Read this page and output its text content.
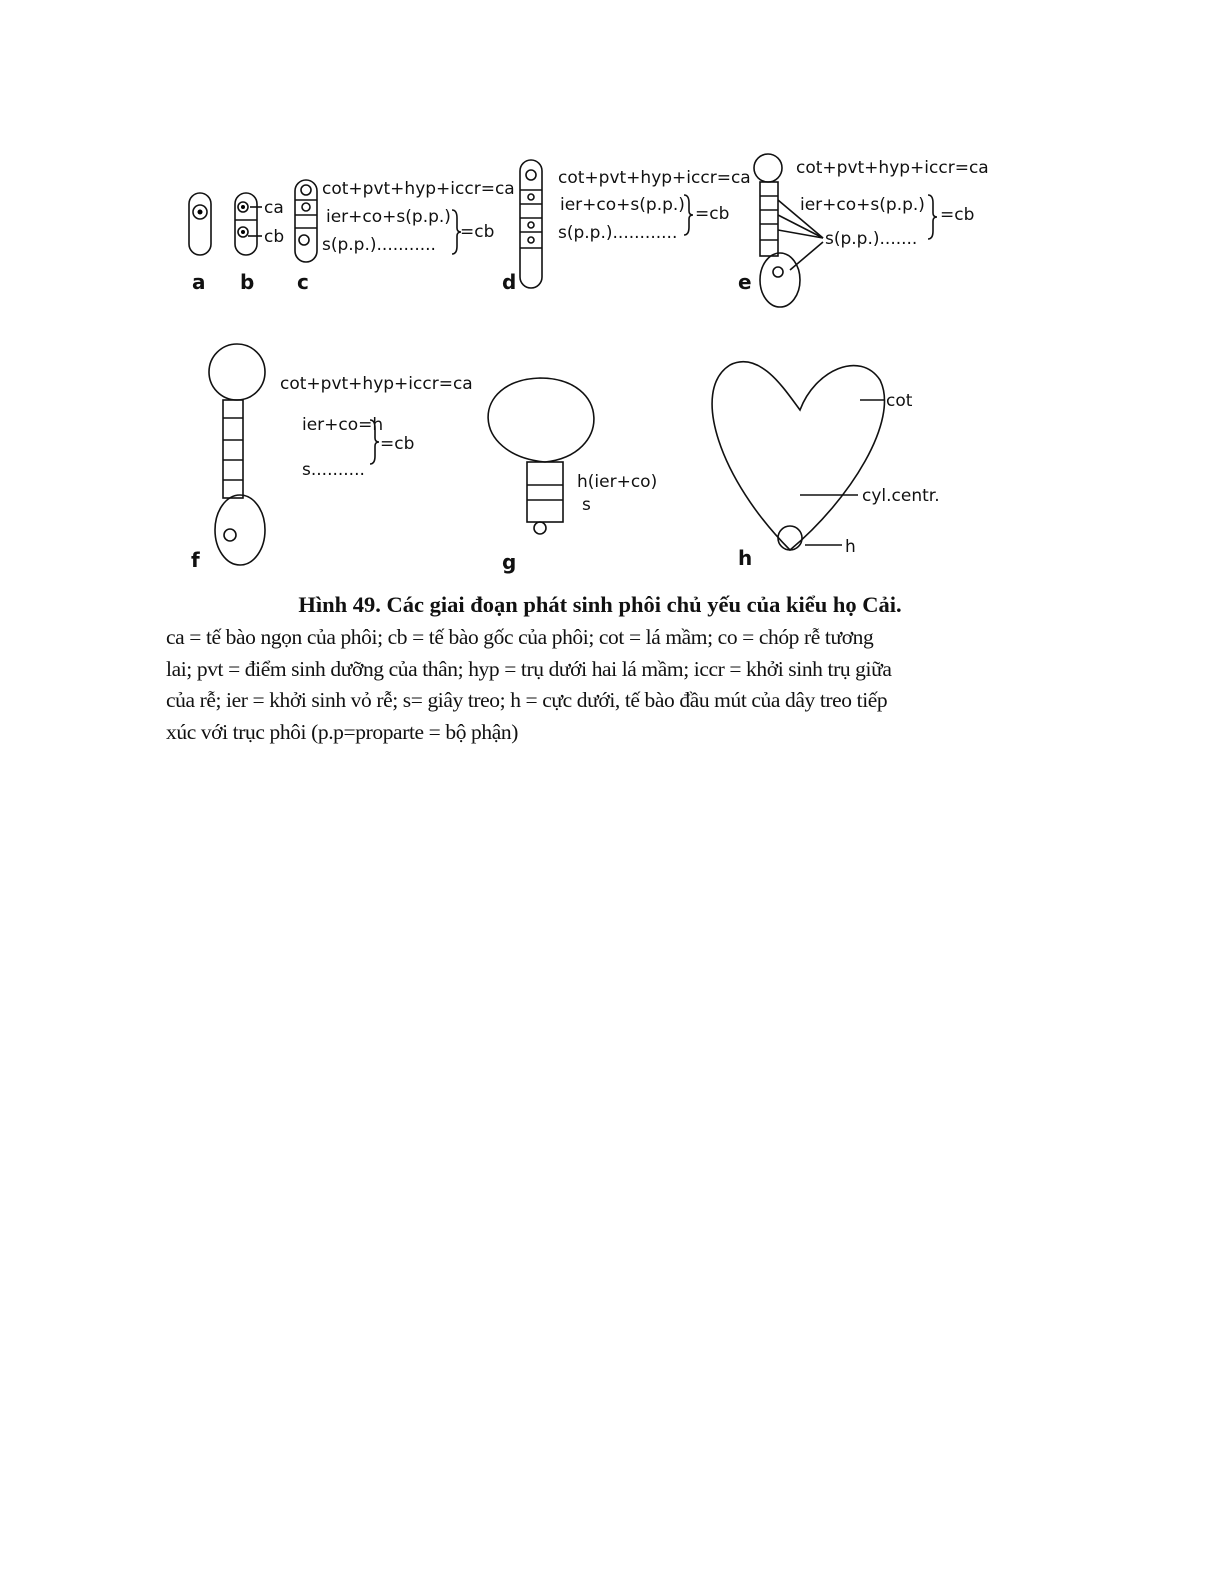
ca
cb
cot+pvt+hyp+iccr=ca
ier+co+s(p.p.)
s(p.p.)...........
=cb
cot+pvt+hyp+iccr=ca
ier+co+s(p.p.)
s(p.p.)............
=cb
cot+pvt+hyp+iccr=ca
ier+co+s(p.p.)
s(p.p.).......
=cb
cot+pvt+hyp+iccr=ca
ier+co=h
s..........
=cb
h(ier+co)
s
cot
cyl.centr.
h
a b c	d	e
f	g	h
Hình 49. Các giai đoạn phát sinh phôi chủ yếu của kiểu họ Cải.
ca = tế bào ngọn của phôi; cb = tế bào gốc của phôi; cot = lá mầm; co = chóp rễ tương
lai; pvt = điểm sinh dưỡng của thân; hyp = trụ dưới hai lá mầm; iccr = khởi sinh trụ giữa
của rễ; ier = khởi sinh vỏ rễ; s= giây treo; h = cực dưới, tế bào đầu mút của dây treo tiếp
xúc với trục phôi (p.p=proparte = bộ phận)
